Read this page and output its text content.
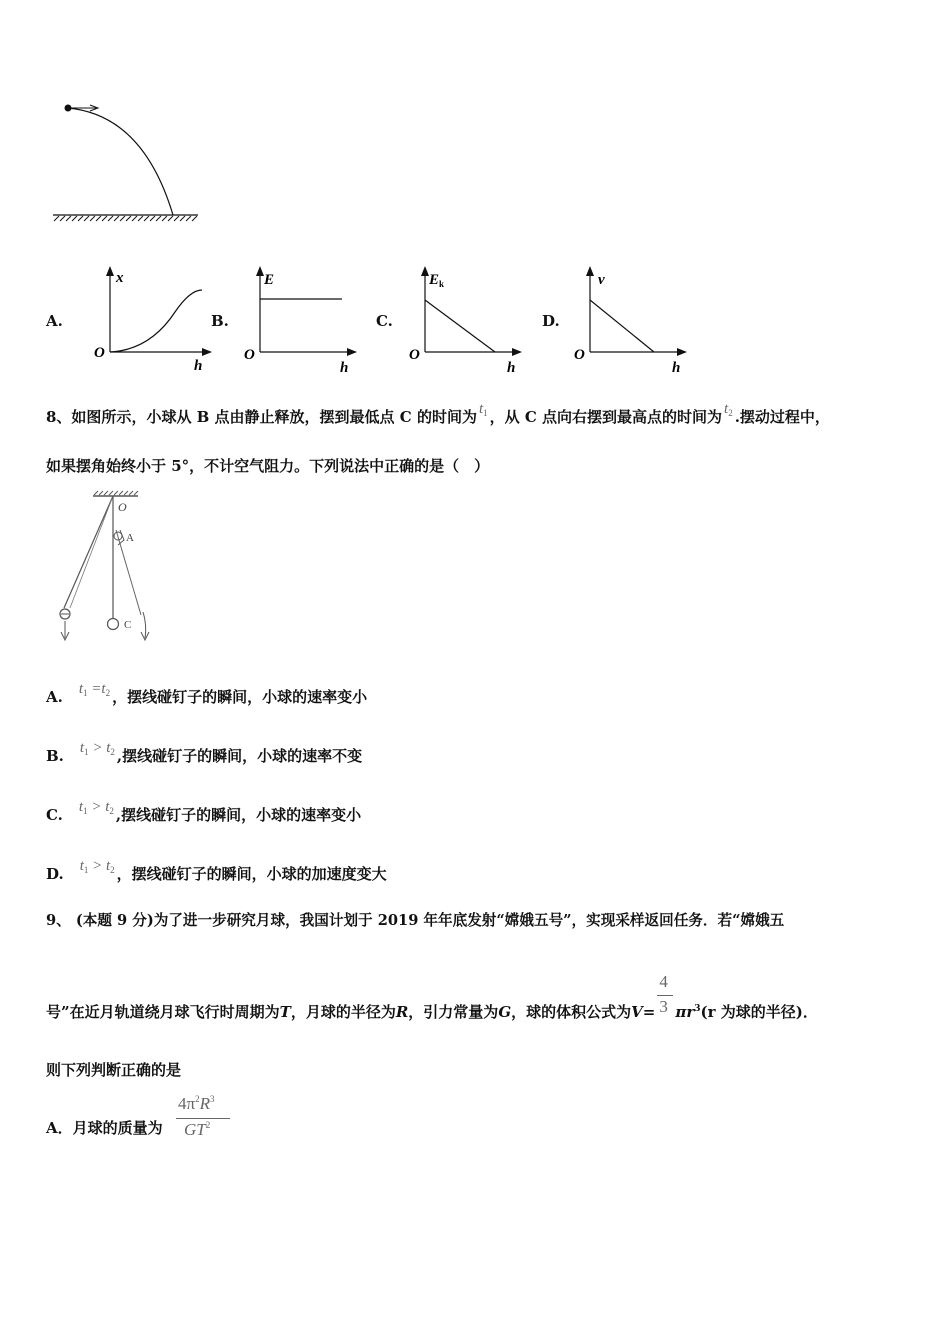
A.
x
O
h
B.
E
O
h
C.
$E_k$
O
h
D.
v
O
h
8、如图所示，小球从 B 点由静止释放，摆到最低点 C 的时间为 $t_1$ ，从 C 点向右摆到最高点的时间为 $t_2$ .摆动过程中，
如果摆角始终小于 5°，不计空气阻力。下列说法中正确的是（　）
O
A
C
A. $t_1 =t_2$ ，摆线碰钉子的瞬间，小球的速率变小
B. $t_1 > t_2$ ,摆线碰钉子的瞬间，小球的速率不变
C. $t_1 > t_2$ ,摆线碰钉子的瞬间，小球的速率变小
D. $t_1 > t_2$ ，摆线碰钉子的瞬间，小球的加速度变大
9、 (本题 9 分)为了进一步研究月球，我国计划于 2019 年年底发射“嫦娥五号”，实现采样返回任务．若“嫦娥五
号”在近月轨道绕月球飞行时周期为T，月球的半径为R，引力常量为G，球的体积公式为$V= \frac{4}{3} \pi r^3(r$ 为球的半径)．
则下列判断正确的是
A．月球的质量为
$4\pi^2R^3$
$GT^2$
